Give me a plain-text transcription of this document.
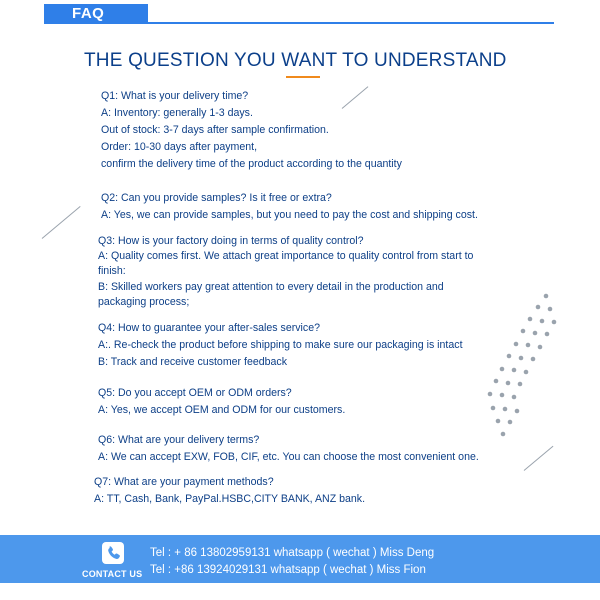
FAQ
THE QUESTION YOU WANT TO UNDERSTAND
Q1: What is your delivery time?
A: Inventory: generally 1-3 days.
Out of stock: 3-7 days after sample confirmation.
Order: 10-30 days after payment,
confirm the delivery time of the product according to the quantity
Q2: Can you provide samples? Is it free or extra?
A: Yes, we can provide samples, but you need to pay the cost and shipping cost.
Q3: How is your factory doing in terms of quality control?
A: Quality comes first. We attach great importance to quality control from start to
finish:
B: Skilled workers pay great attention to every detail in the production and
packaging process;
Q4: How to guarantee your after-sales service?
A:. Re-check the product before shipping to make sure our packaging is intact
B: Track and receive customer feedback
Q5: Do you accept OEM or ODM orders?
A: Yes, we accept OEM and ODM for our customers.
Q6: What are your delivery terms?
A: We can accept EXW, FOB, CIF, etc. You can choose the most convenient one.
Q7: What are your payment methods?
A: TT, Cash, Bank, PayPal.HSBC,CITY BANK, ANZ bank.
CONTACT US
Tel : + 86 13802959131 whatsapp ( wechat ) Miss Deng
Tel : +86 13924029131 whatsapp ( wechat ) Miss Fion
